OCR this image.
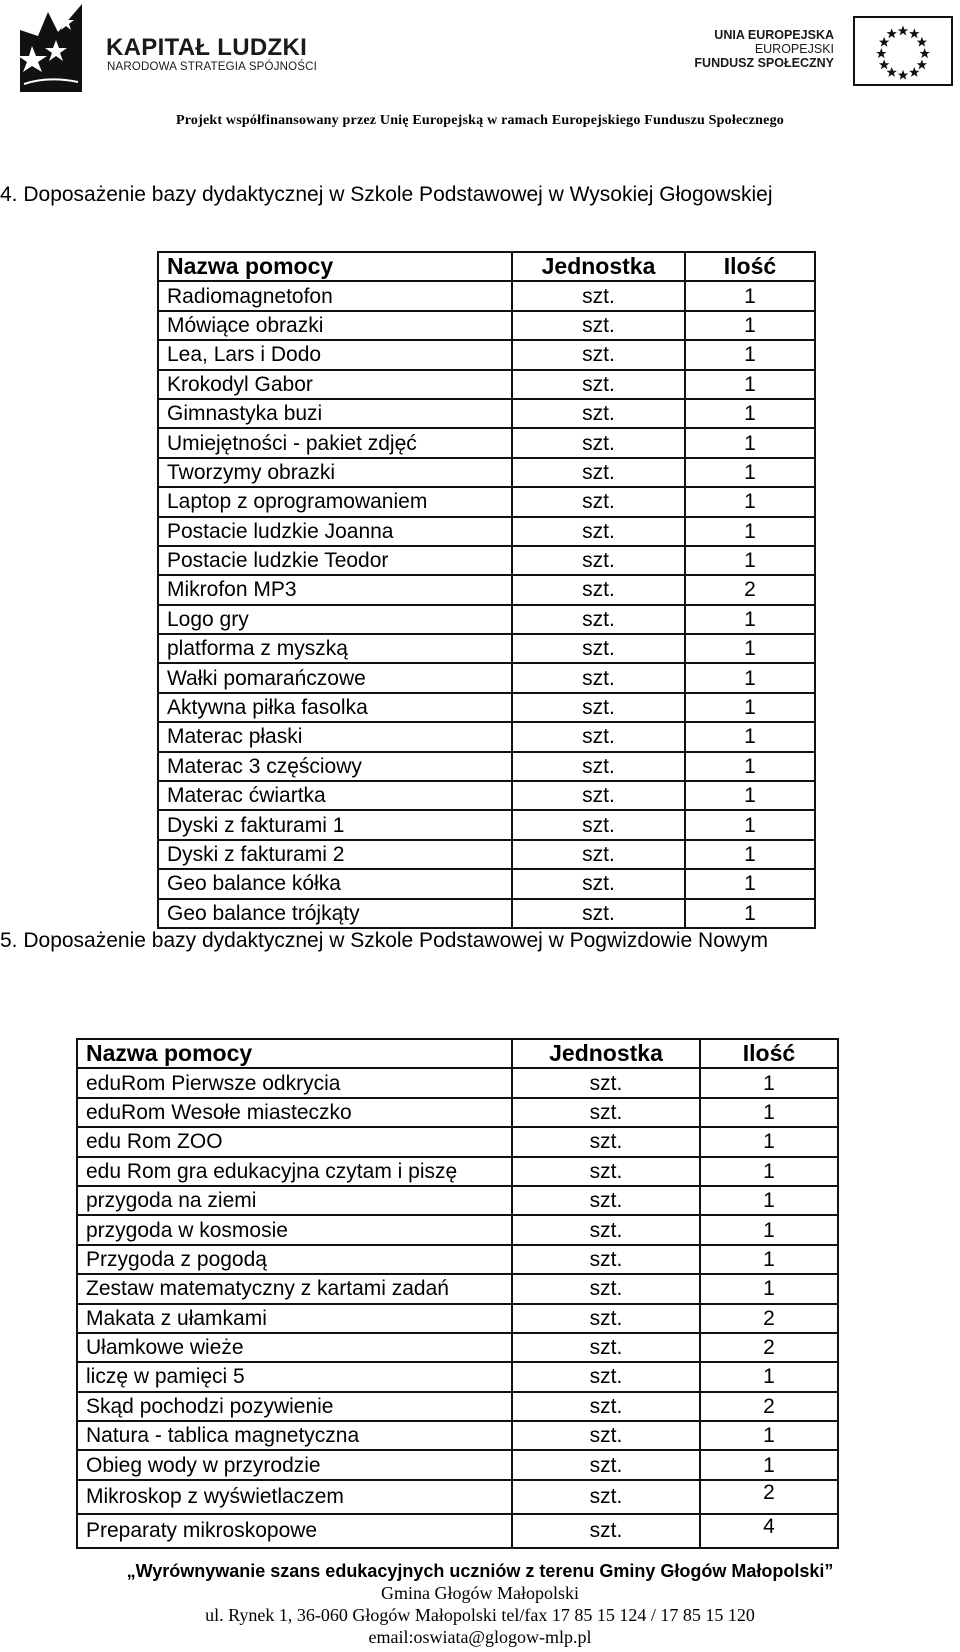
KAPITAŁ LUDZKI
NARODOWA STRATEGIA SPÓJNOŚCI
UNIA EUROPEJSKA
EUROPEJSKI
FUNDUSZ SPOŁECZNY
Projekt współfinansowany przez Unię Europejską w ramach Europejskiego Funduszu Społecznego
4. Doposażenie bazy dydaktycznej w Szkole Podstawowej w Wysokiej Głogowskiej
Nazwa pomocy	Jednostka	Ilość
Radiomagnetofon	szt.	1
Mówiące obrazki	szt.	1
Lea, Lars i Dodo	szt.	1
Krokodyl Gabor	szt.	1
Gimnastyka buzi	szt.	1
Umiejętności - pakiet zdjęć	szt.	1
Tworzymy obrazki	szt.	1
Laptop z oprogramowaniem	szt.	1
Postacie ludzkie Joanna	szt.	1
Postacie ludzkie Teodor	szt.	1
Mikrofon MP3	szt.	2
Logo gry	szt.	1
platforma z myszką	szt.	1
Wałki pomarańczowe	szt.	1
Aktywna piłka fasolka	szt.	1
Materac płaski	szt.	1
Materac 3 częściowy	szt.	1
Materac ćwiartka	szt.	1
Dyski z fakturami 1	szt.	1
Dyski z fakturami 2	szt.	1
Geo balance kółka	szt.	1
Geo balance trójkąty	szt.	1
5. Doposażenie bazy dydaktycznej w Szkole Podstawowej w Pogwizdowie Nowym
Nazwa pomocy	Jednostka	Ilość
eduRom Pierwsze odkrycia	szt.	1
eduRom Wesołe miasteczko	szt.	1
edu Rom ZOO	szt.	1
edu Rom gra edukacyjna czytam i piszę	szt.	1
przygoda na ziemi	szt.	1
przygoda w kosmosie	szt.	1
Przygoda z pogodą	szt.	1
Zestaw matematyczny z kartami zadań	szt.	1
Makata z ułamkami	szt.	2
Ułamkowe wieże	szt.	2
liczę w pamięci 5	szt.	1
Skąd pochodzi pozywienie	szt.	2
Natura - tablica magnetyczna	szt.	1
Obieg wody w przyrodzie	szt.	1
Mikroskop z wyświetlaczem	szt.	2
Preparaty mikroskopowe	szt.	4
„Wyrównywanie szans edukacyjnych uczniów z terenu Gminy Głogów Małopolski”
Gmina Głogów Małopolski
ul. Rynek 1, 36-060 Głogów Małopolski tel/fax 17 85 15 124 / 17 85 15 120
email:oswiata@glogow-mlp.pl
